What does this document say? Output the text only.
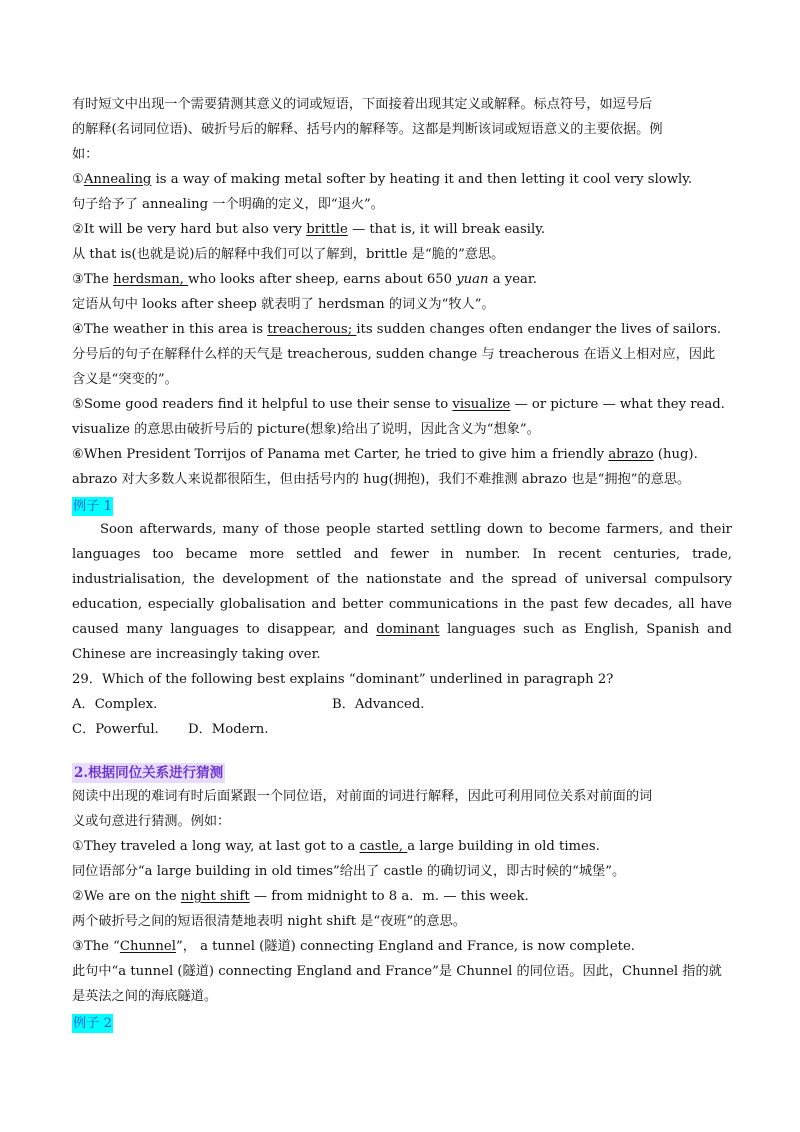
有时短文中出现一个需要猜测其意义的词或短语，下面接着出现其定义或解释。标点符号，如逗号后

的解释(名词同位语)、破折号后的解释、括号内的解释等。这都是判断该词或短语意义的主要依据。例

如：

①Annealing is a way of making metal softer by heating it and then letting it cool very slowly.

句子给予了 annealing 一个明确的定义，即“退火”。

②It will be very hard but also very brittle — that is, it will break easily.

从 that is(也就是说)后的解释中我们可以了解到，brittle 是“脆的”意思。

③The herdsman, who looks after sheep, earns about 650 yuan a year.

定语从句中 looks after sheep 就表明了 herdsman 的词义为“牧人”。

④The weather in this area is treacherous; its sudden changes often endanger the lives of sailors.

分号后的句子在解释什么样的天气是 treacherous, sudden change 与 treacherous 在语义上相对应，因此

含义是“突变的”。

⑤Some good readers find it helpful to use their sense to visualize — or picture — what they read.

visualize 的意思由破折号后的 picture(想象)给出了说明，因此含义为“想象”。

⑥When President Torrijos of Panama met Carter, he tried to give him a friendly abrazo (hug).

abrazo 对大多数人来说都很陌生，但由括号内的 hug(拥抱)，我们不难推测 abrazo 也是“拥抱”的意思。

例子 1

Soon afterwards, many of those people started settling down to become farmers, and their languages too became more settled and fewer in number. In recent centuries, trade, industrialisation, the development of the nationstate and the spread of universal compulsory education, especially globalisation and better communications in the past few decades, all have caused many languages to disappear, and dominant languages such as English, Spanish and Chinese are increasingly taking over.

29．Which of the following best explains “dominant” underlined in paragraph 2?

A．Complex.	B．Advanced.
C．Powerful.	D．Modern.
2.根据同位关系进行猜测

阅读中出现的难词有时后面紧跟一个同位语，对前面的词进行解释，因此可利用同位关系对前面的词

义或句意进行猜测。例如：

①They traveled a long way, at last got to a castle, a large building in old times.

同位语部分“a large building in old times”给出了 castle 的确切词义，即古时候的“城堡”。

②We are on the night shift — from midnight to 8 a．m. — this week.

两个破折号之间的短语很清楚地表明 night shift 是“夜班”的意思。

③The “Chunnel”， a tunnel (隧道) connecting England and France, is now complete.

此句中“a tunnel (隧道) connecting England and France”是 Chunnel 的同位语。因此，Chunnel 指的就

是英法之间的海底隧道。

例子 2
